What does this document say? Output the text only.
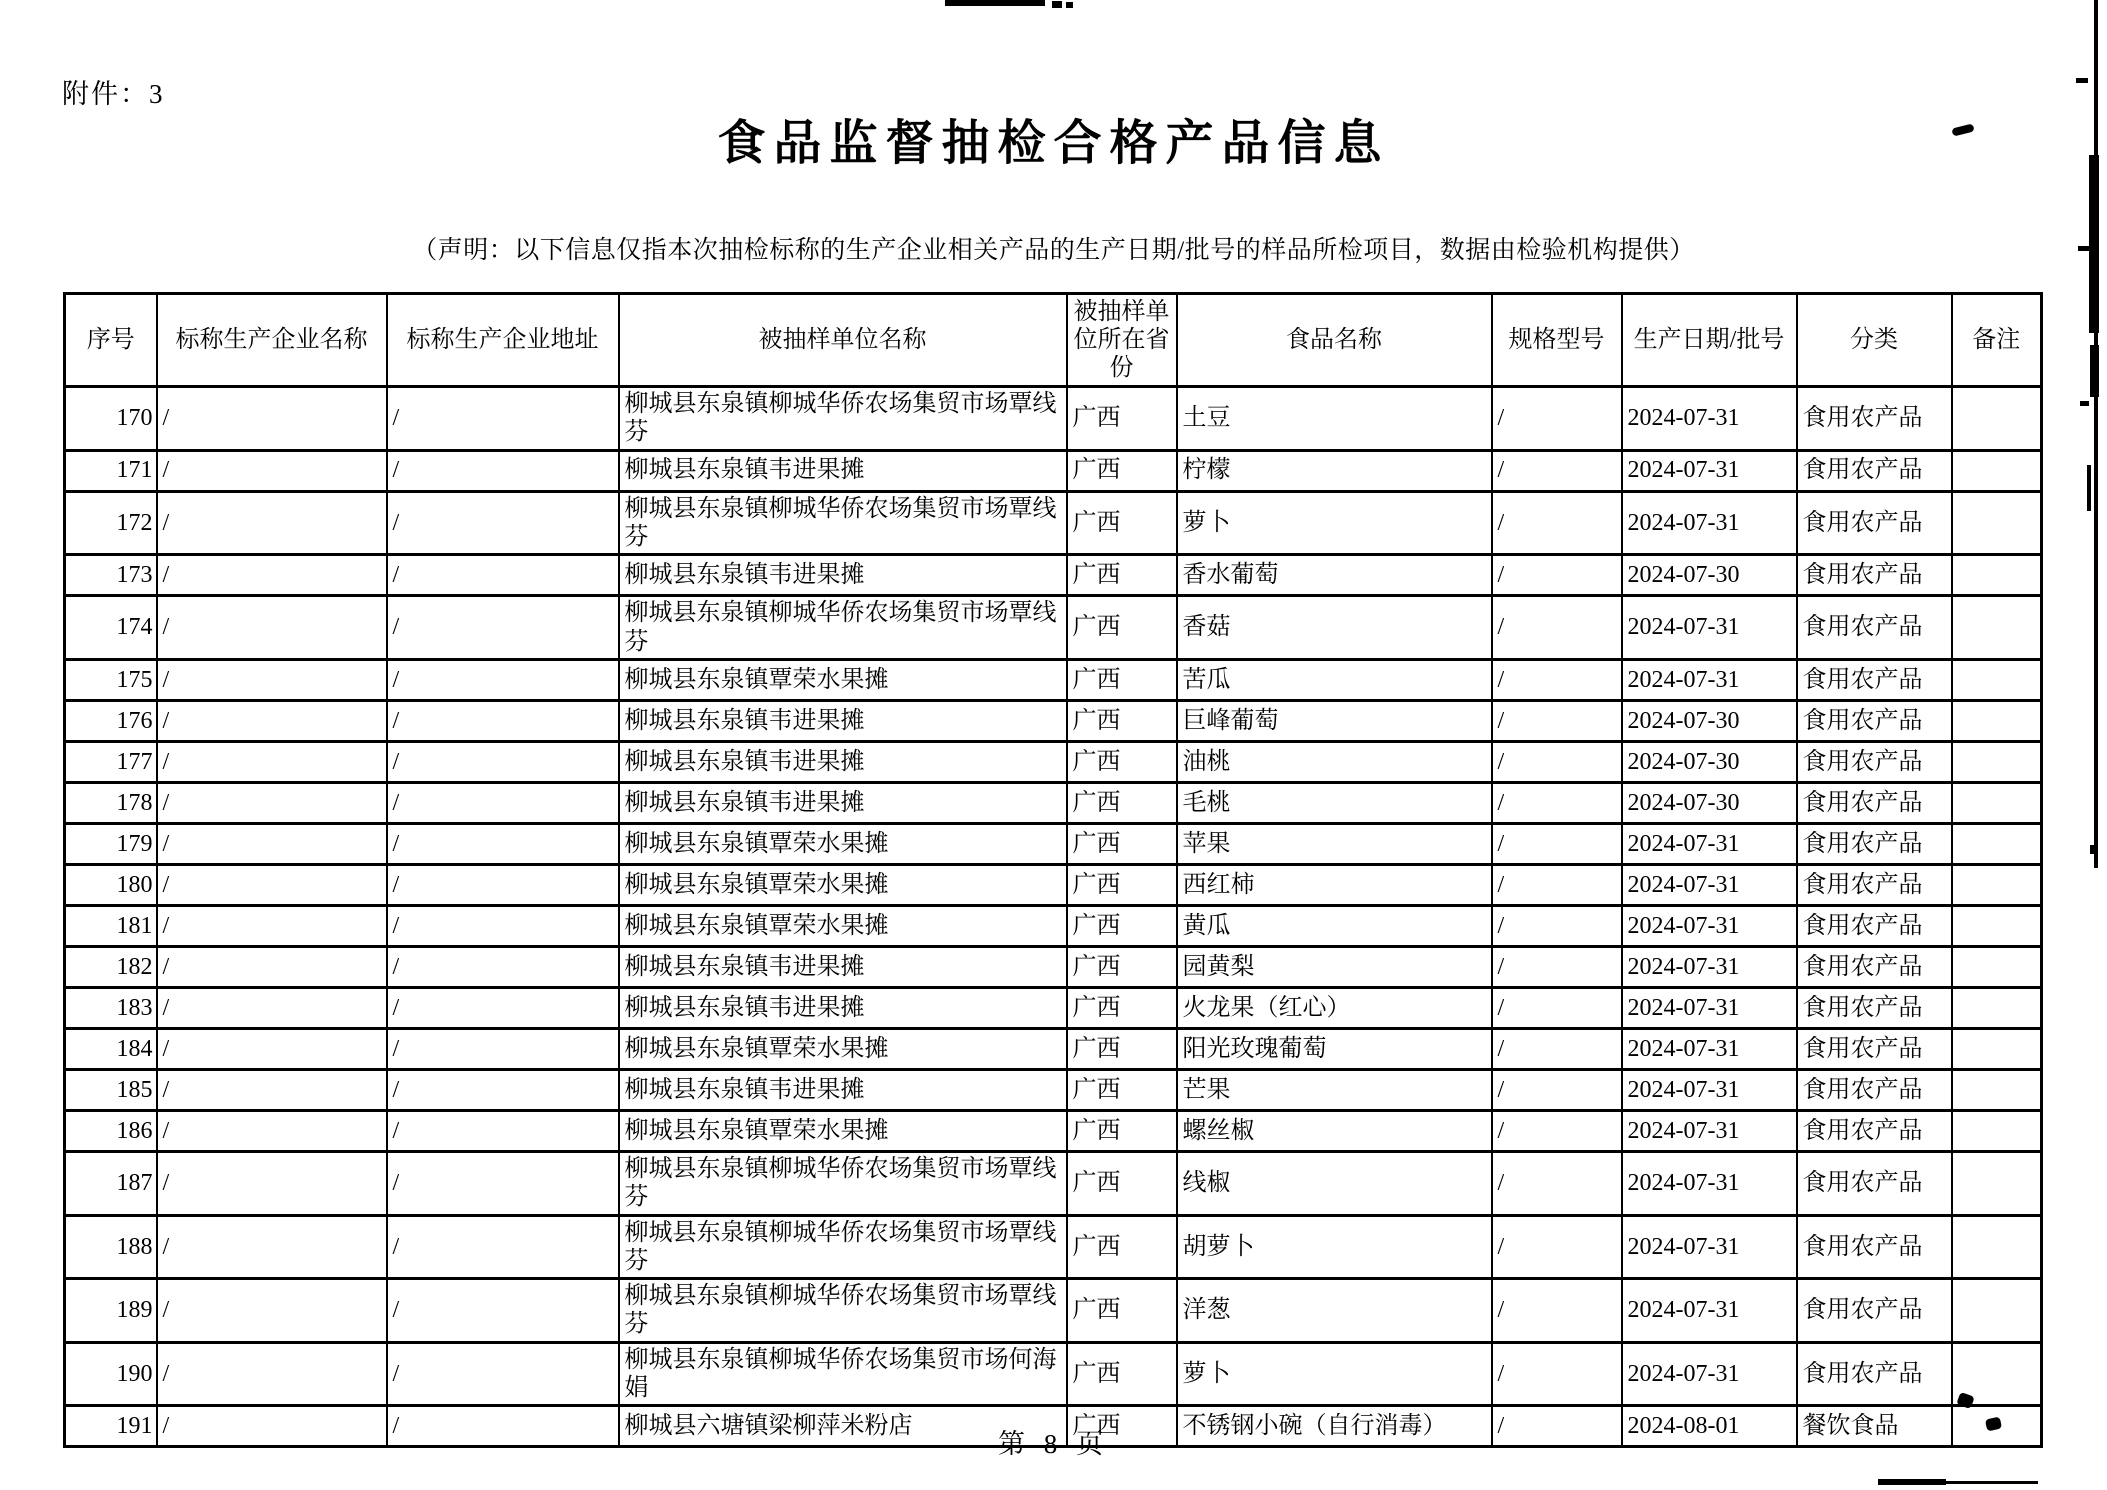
附件：3
食品监督抽检合格产品信息
（声明：以下信息仅指本次抽检标称的生产企业相关产品的生产日期/批号的样品所检项目，数据由检验机构提供）
序号	标称生产企业名称	标称生产企业地址	被抽样单位名称	被抽样单位所在省份	食品名称	规格型号	生产日期/批号	分类	备注
170	/	/	柳城县东泉镇柳城华侨农场集贸市场覃线芬	广西	土豆	/	2024-07-31	食用农产品	
171	/	/	柳城县东泉镇韦进果摊	广西	柠檬	/	2024-07-31	食用农产品	
172	/	/	柳城县东泉镇柳城华侨农场集贸市场覃线芬	广西	萝卜	/	2024-07-31	食用农产品	
173	/	/	柳城县东泉镇韦进果摊	广西	香水葡萄	/	2024-07-30	食用农产品	
174	/	/	柳城县东泉镇柳城华侨农场集贸市场覃线芬	广西	香菇	/	2024-07-31	食用农产品	
175	/	/	柳城县东泉镇覃荣水果摊	广西	苦瓜	/	2024-07-31	食用农产品	
176	/	/	柳城县东泉镇韦进果摊	广西	巨峰葡萄	/	2024-07-30	食用农产品	
177	/	/	柳城县东泉镇韦进果摊	广西	油桃	/	2024-07-30	食用农产品	
178	/	/	柳城县东泉镇韦进果摊	广西	毛桃	/	2024-07-30	食用农产品	
179	/	/	柳城县东泉镇覃荣水果摊	广西	苹果	/	2024-07-31	食用农产品	
180	/	/	柳城县东泉镇覃荣水果摊	广西	西红柿	/	2024-07-31	食用农产品	
181	/	/	柳城县东泉镇覃荣水果摊	广西	黄瓜	/	2024-07-31	食用农产品	
182	/	/	柳城县东泉镇韦进果摊	广西	园黄梨	/	2024-07-31	食用农产品	
183	/	/	柳城县东泉镇韦进果摊	广西	火龙果（红心）	/	2024-07-31	食用农产品	
184	/	/	柳城县东泉镇覃荣水果摊	广西	阳光玫瑰葡萄	/	2024-07-31	食用农产品	
185	/	/	柳城县东泉镇韦进果摊	广西	芒果	/	2024-07-31	食用农产品	
186	/	/	柳城县东泉镇覃荣水果摊	广西	螺丝椒	/	2024-07-31	食用农产品	
187	/	/	柳城县东泉镇柳城华侨农场集贸市场覃线芬	广西	线椒	/	2024-07-31	食用农产品	
188	/	/	柳城县东泉镇柳城华侨农场集贸市场覃线芬	广西	胡萝卜	/	2024-07-31	食用农产品	
189	/	/	柳城县东泉镇柳城华侨农场集贸市场覃线芬	广西	洋葱	/	2024-07-31	食用农产品	
190	/	/	柳城县东泉镇柳城华侨农场集贸市场何海娟	广西	萝卜	/	2024-07-31	食用农产品	
191	/	/	柳城县六塘镇梁柳萍米粉店	广西	不锈钢小碗（自行消毒）	/	2024-08-01	餐饮食品	
第 8 页
